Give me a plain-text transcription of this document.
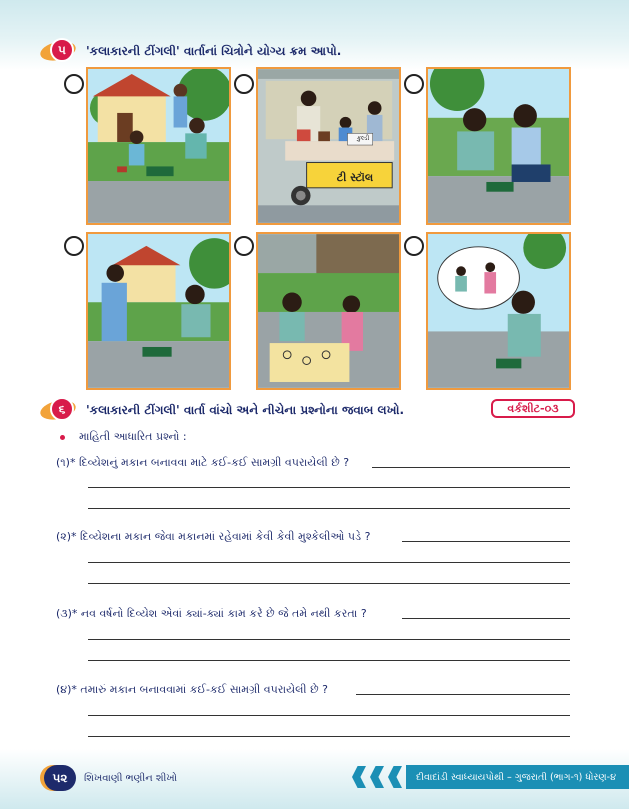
૫	'કલાકારની ટીંગલી' વાર્તાનાં ચિત્રોને યોગ્ય ક્રમ આપો.
ટી સ્ટૉલ
કુલ્ડી
૬	'કલાકારની ટીંગલી' વાર્તા વાંચો અને નીચેના પ્રશ્નોના જવાબ લખો.	વર્કશીટ-૦૩
માહિતી આધારિત પ્રશ્નો :
(૧)* દિવ્યેશનું મકાન બનાવવા માટે કઈ-કઈ સામગ્રી વપરાયેલી છે ?
(૨)* દિવ્યેશના મકાન જેવા મકાનમાં રહેવામાં કેવી કેવી મુશ્કેલીઓ પડે ?
(૩)* નવ વર્ષનો દિવ્યેશ એવાં ક્યાં-ક્યાં કામ કરે છે જે તમે નથી કરતા ?
(૪)* તમારું મકાન બનાવવામાં કઈ-કઈ સામગ્રી વપરાયેલી છે ?
૫૨	શિખવાણી ભણીન શીખો	દીવાદાંડી સ્વાધ્યાયપોથી – ગુજરાતી (ભાગ-૧) ધોરણ-૪
